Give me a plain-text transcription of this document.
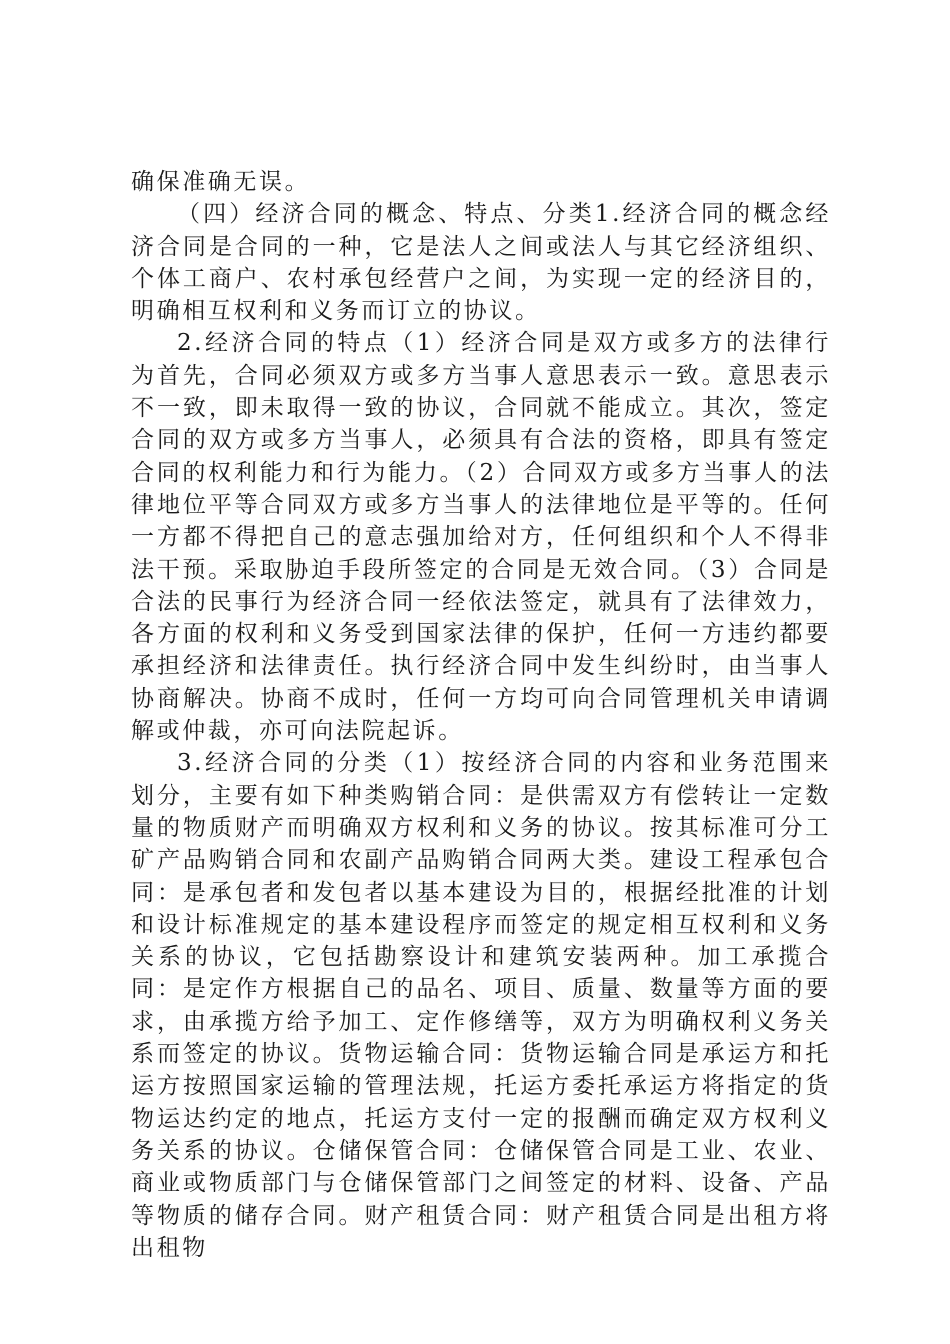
确保准确无误。

（四）经济合同的概念、特点、分类1.经济合同的概念经济合同是合同的一种，它是法人之间或法人与其它经济组织、个体工商户、农村承包经营户之间，为实现一定的经济目的，明确相互权利和义务而订立的协议。

2.经济合同的特点（1）经济合同是双方或多方的法律行为首先，合同必须双方或多方当事人意思表示一致。意思表示不一致，即未取得一致的协议，合同就不能成立。其次，签定合同的双方或多方当事人，必须具有合法的资格，即具有签定合同的权利能力和行为能力。（2）合同双方或多方当事人的法律地位平等合同双方或多方当事人的法律地位是平等的。任何一方都不得把自己的意志强加给对方，任何组织和个人不得非法干预。采取胁迫手段所签定的合同是无效合同。（3）合同是合法的民事行为经济合同一经依法签定，就具有了法律效力，各方面的权利和义务受到国家法律的保护，任何一方违约都要承担经济和法律责任。执行经济合同中发生纠纷时，由当事人协商解决。协商不成时，任何一方均可向合同管理机关申请调解或仲裁，亦可向法院起诉。

3.经济合同的分类（1）按经济合同的内容和业务范围来划分，主要有如下种类购销合同：是供需双方有偿转让一定数量的物质财产而明确双方权利和义务的协议。按其标准可分工矿产品购销合同和农副产品购销合同两大类。建设工程承包合同：是承包者和发包者以基本建设为目的，根据经批准的计划和设计标准规定的基本建设程序而签定的规定相互权利和义务关系的协议，它包括勘察设计和建筑安装两种。加工承揽合同：是定作方根据自己的品名、项目、质量、数量等方面的要求，由承揽方给予加工、定作修缮等，双方为明确权利义务关系而签定的协议。货物运输合同：货物运输合同是承运方和托运方按照国家运输的管理法规，托运方委托承运方将指定的货物运达约定的地点，托运方支付一定的报酬而确定双方权利义务关系的协议。仓储保管合同：仓储保管合同是工业、农业、商业或物质部门与仓储保管部门之间签定的材料、设备、产品等物质的储存合同。财产租赁合同：财产租赁合同是出租方将出租物
